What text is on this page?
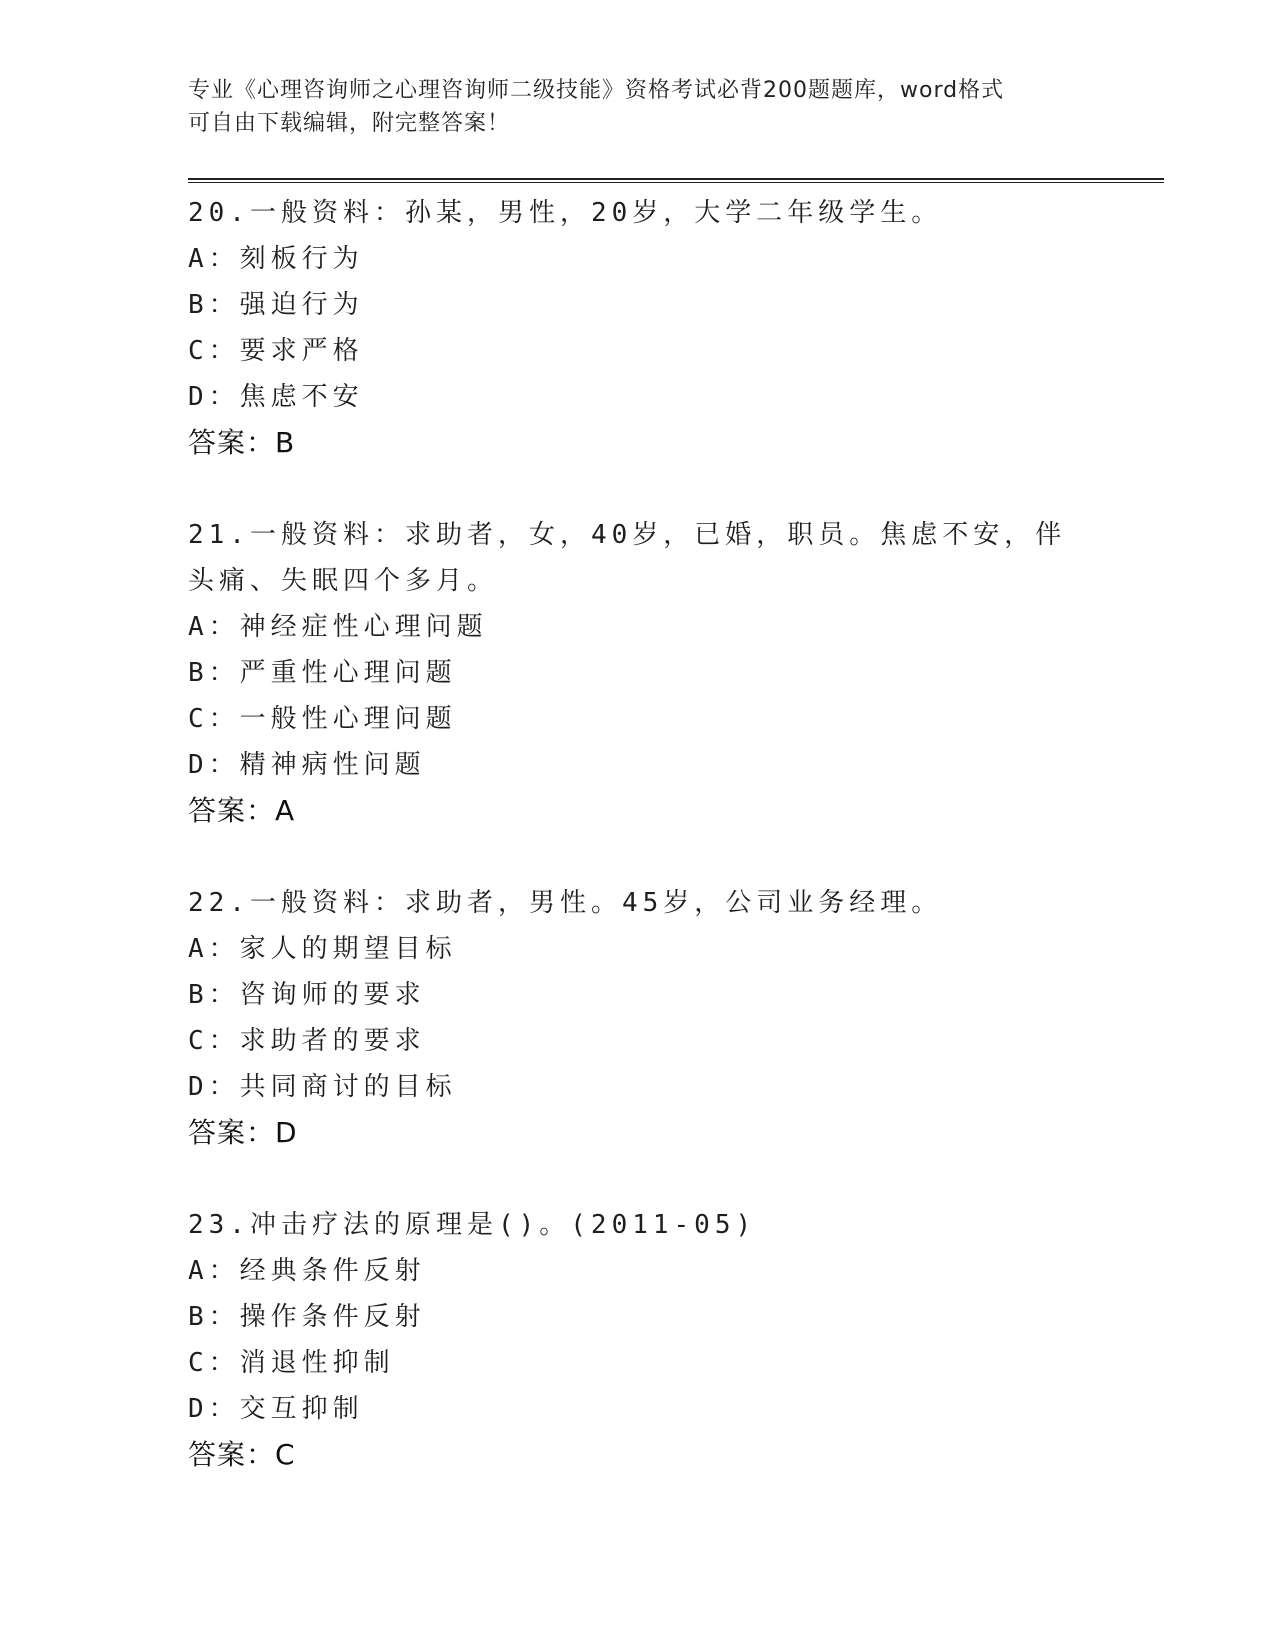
专业《心理咨询师之心理咨询师二级技能》资格考试必背200题题库，word格式
可自由下载编辑，附完整答案！
20.一般资料：孙某，男性，20岁，大学二年级学生。
A：刻板行为
B：强迫行为
C：要求严格
D：焦虑不安
答案：B
21.一般资料：求助者，女，40岁，已婚，职员。焦虑不安，伴头痛、失眠四个多月。
A：神经症性心理问题
B：严重性心理问题
C：一般性心理问题
D：精神病性问题
答案：A
22.一般资料：求助者，男性。45岁，公司业务经理。
A：家人的期望目标
B：咨询师的要求
C：求助者的要求
D：共同商讨的目标
答案：D
23.冲击疗法的原理是()。(2011-05)
A：经典条件反射
B：操作条件反射
C：消退性抑制
D：交互抑制
答案：C
